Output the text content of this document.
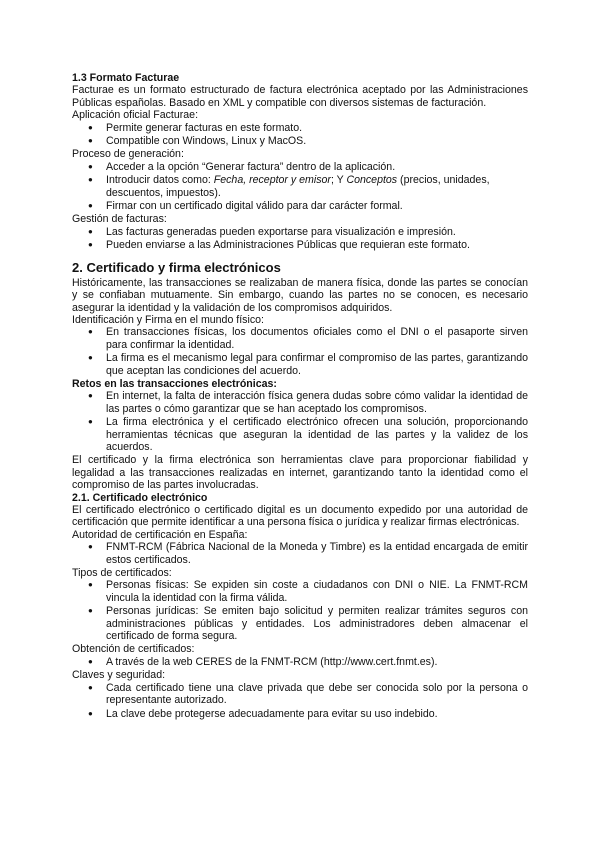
1.3 Formato Facturae

Facturae es un formato estructurado de factura electrónica aceptado por las Administraciones Públicas españolas. Basado en XML y compatible con diversos sistemas de facturación.

Aplicación oficial Facturae:

● Permite generar facturas en este formato.
● Compatible con Windows, Linux y MacOS.

Proceso de generación:

● Acceder a la opción “Generar factura” dentro de la aplicación.
● Introducir datos como: Fecha, receptor y emisor; Y Conceptos (precios, unidades, descuentos, impuestos).
● Firmar con un certificado digital válido para dar carácter formal.

Gestión de facturas:

● Las facturas generadas pueden exportarse para visualización e impresión.
● Pueden enviarse a las Administraciones Públicas que requieran este formato.
2. Certificado y firma electrónicos

Históricamente, las transacciones se realizaban de manera física, donde las partes se conocían y se confiaban mutuamente. Sin embargo, cuando las partes no se conocen, es necesario asegurar la identidad y la validación de los compromisos adquiridos.

Identificación y Firma en el mundo físico:

● En transacciones físicas, los documentos oficiales como el DNI o el pasaporte sirven para confirmar la identidad.
● La firma es el mecanismo legal para confirmar el compromiso de las partes, garantizando que aceptan las condiciones del acuerdo.

Retos en las transacciones electrónicas:

● En internet, la falta de interacción física genera dudas sobre cómo validar la identidad de las partes o cómo garantizar que se han aceptado los compromisos.
● La firma electrónica y el certificado electrónico ofrecen una solución, proporcionando herramientas técnicas que aseguran la identidad de las partes y la validez de los acuerdos.

El certificado y la firma electrónica son herramientas clave para proporcionar fiabilidad y legalidad a las transacciones realizadas en internet, garantizando tanto la identidad como el compromiso de las partes involucradas.

2.1. Certificado electrónico

El certificado electrónico o certificado digital es un documento expedido por una autoridad de certificación que permite identificar a una persona física o jurídica y realizar firmas electrónicas.

Autoridad de certificación en España:

● FNMT-RCM (Fábrica Nacional de la Moneda y Timbre) es la entidad encargada de emitir estos certificados.

Tipos de certificados:

● Personas físicas: Se expiden sin coste a ciudadanos con DNI o NIE. La FNMT-RCM vincula la identidad con la firma válida.
● Personas jurídicas: Se emiten bajo solicitud y permiten realizar trámites seguros con administraciones públicas y entidades. Los administradores deben almacenar el certificado de forma segura.

Obtención de certificados:

● A través de la web CERES de la FNMT-RCM (http://www.cert.fnmt.es).

Claves y seguridad:

● Cada certificado tiene una clave privada que debe ser conocida solo por la persona o representante autorizado.
● La clave debe protegerse adecuadamente para evitar su uso indebido.
